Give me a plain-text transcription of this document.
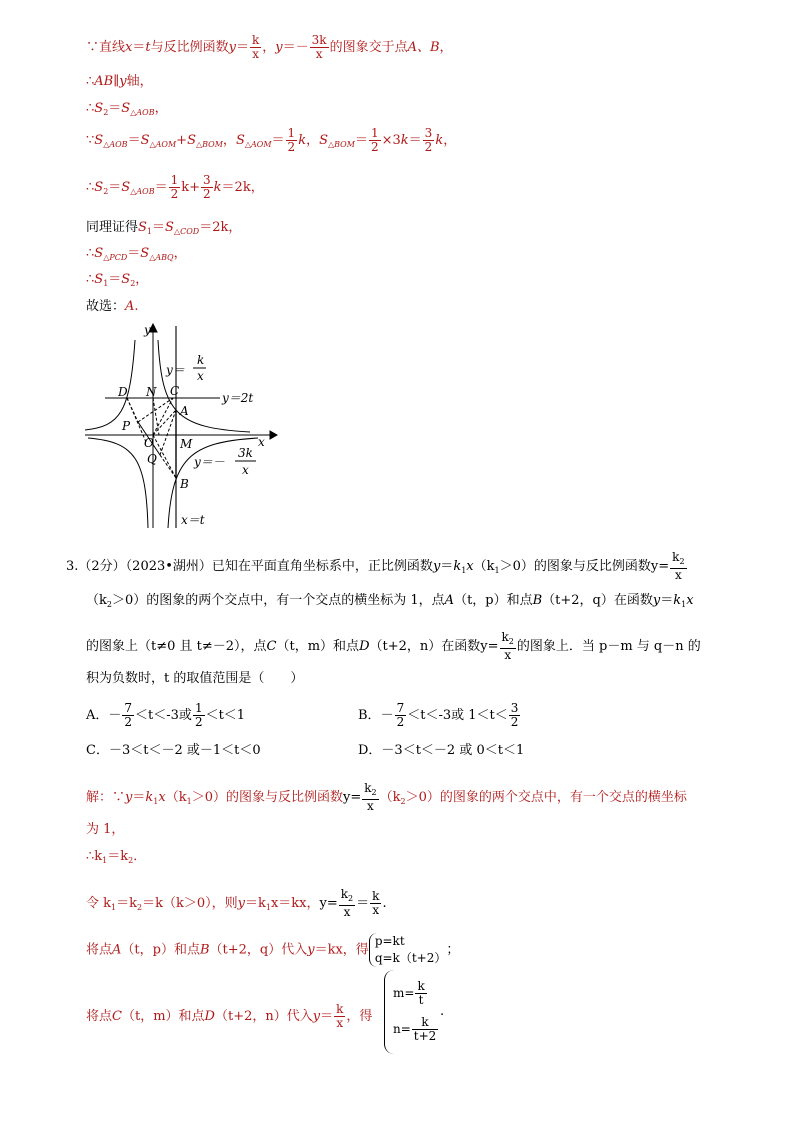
∵直线x＝t与反比例函数$y= \frac{k}{x}$ ，$y=- \frac{3k}{x}$ 的图象交于点A、B，
∴AB∥y轴，
$\therefore S_2=S_{\triangle AOB}$，
$\because S_{\triangle AOB}=S_{\triangle AOM}+S_{\triangle BOM}$，$S_{\triangle AOM}= \frac{1}{2}$ k，$S_{\triangle BOM}= \frac{1}{2} \times 3k= \frac{3}{2}$ k，
$\therefore S_2=S_{\triangle AOB}= \frac{1}{2} k+ \frac{3}{2} k=2k$，
同理证得$S_1=S_{\triangle COD}=2k$，
$\therefore S_{\triangle PCD}=S_{\triangle ABQ}$，
$\therefore S_1=S_2$，
故选：A.
y
x
y＝
k
x
y＝2t
D N C
A
P
O M
Q
B
y＝－
3k
x
x＝t
3.（2分）（2023•湖州）已知在平面直角坐标系中，正比例函数$y=k_1x(k_1>0)$的图象与反比例函数$y= \frac{k_2}{x}$
$(k_2>0)$的图象的两个交点中，有一个交点的横坐标为 1，点A（t，p）和点B（t+2，q）在函数$y=k_1x$
的图象上（t≠0 且 t≠－2），点C（t，m）和点D（t+2，n）在函数$y= \frac{k_2}{x}$ 的图象上．当 p－m 与 q－n 的
积为负数时，t 的取值范围是（　　）
A．－ $\frac{7}{2} <t<-3$或 $\frac{1}{2} <t<1$	B．－ $\frac{7}{2} <t<-3$或 $1<t< \frac{3}{2}$
C．－3＜t＜－2 或－1＜t＜0	D．－3＜t＜－2 或 0＜t＜1
解：$\because y=k_1x(k_1>0)$的图象与反比例函数$y= \frac{k_2}{x} (k_2>0)$的图象的两个交点中，有一个交点的横坐标
为 1，
$\therefore k_1=k_2$．
令 $k_1=k_2=k(k>0)$，则$y=k_1x=kx$，$y= \frac{k_2}{x} = \frac{k}{x}$ .
将点A（t，p）和点B（t+2，q）代入y＝kx，得
p=kt
q=k（t+2）
；
将点C（t，m）和点D（t+2，n）代入$y= \frac{k}{x}$ ，得
$m= \frac{k}{t}$
$n= \frac{k}{t+2}$
.
